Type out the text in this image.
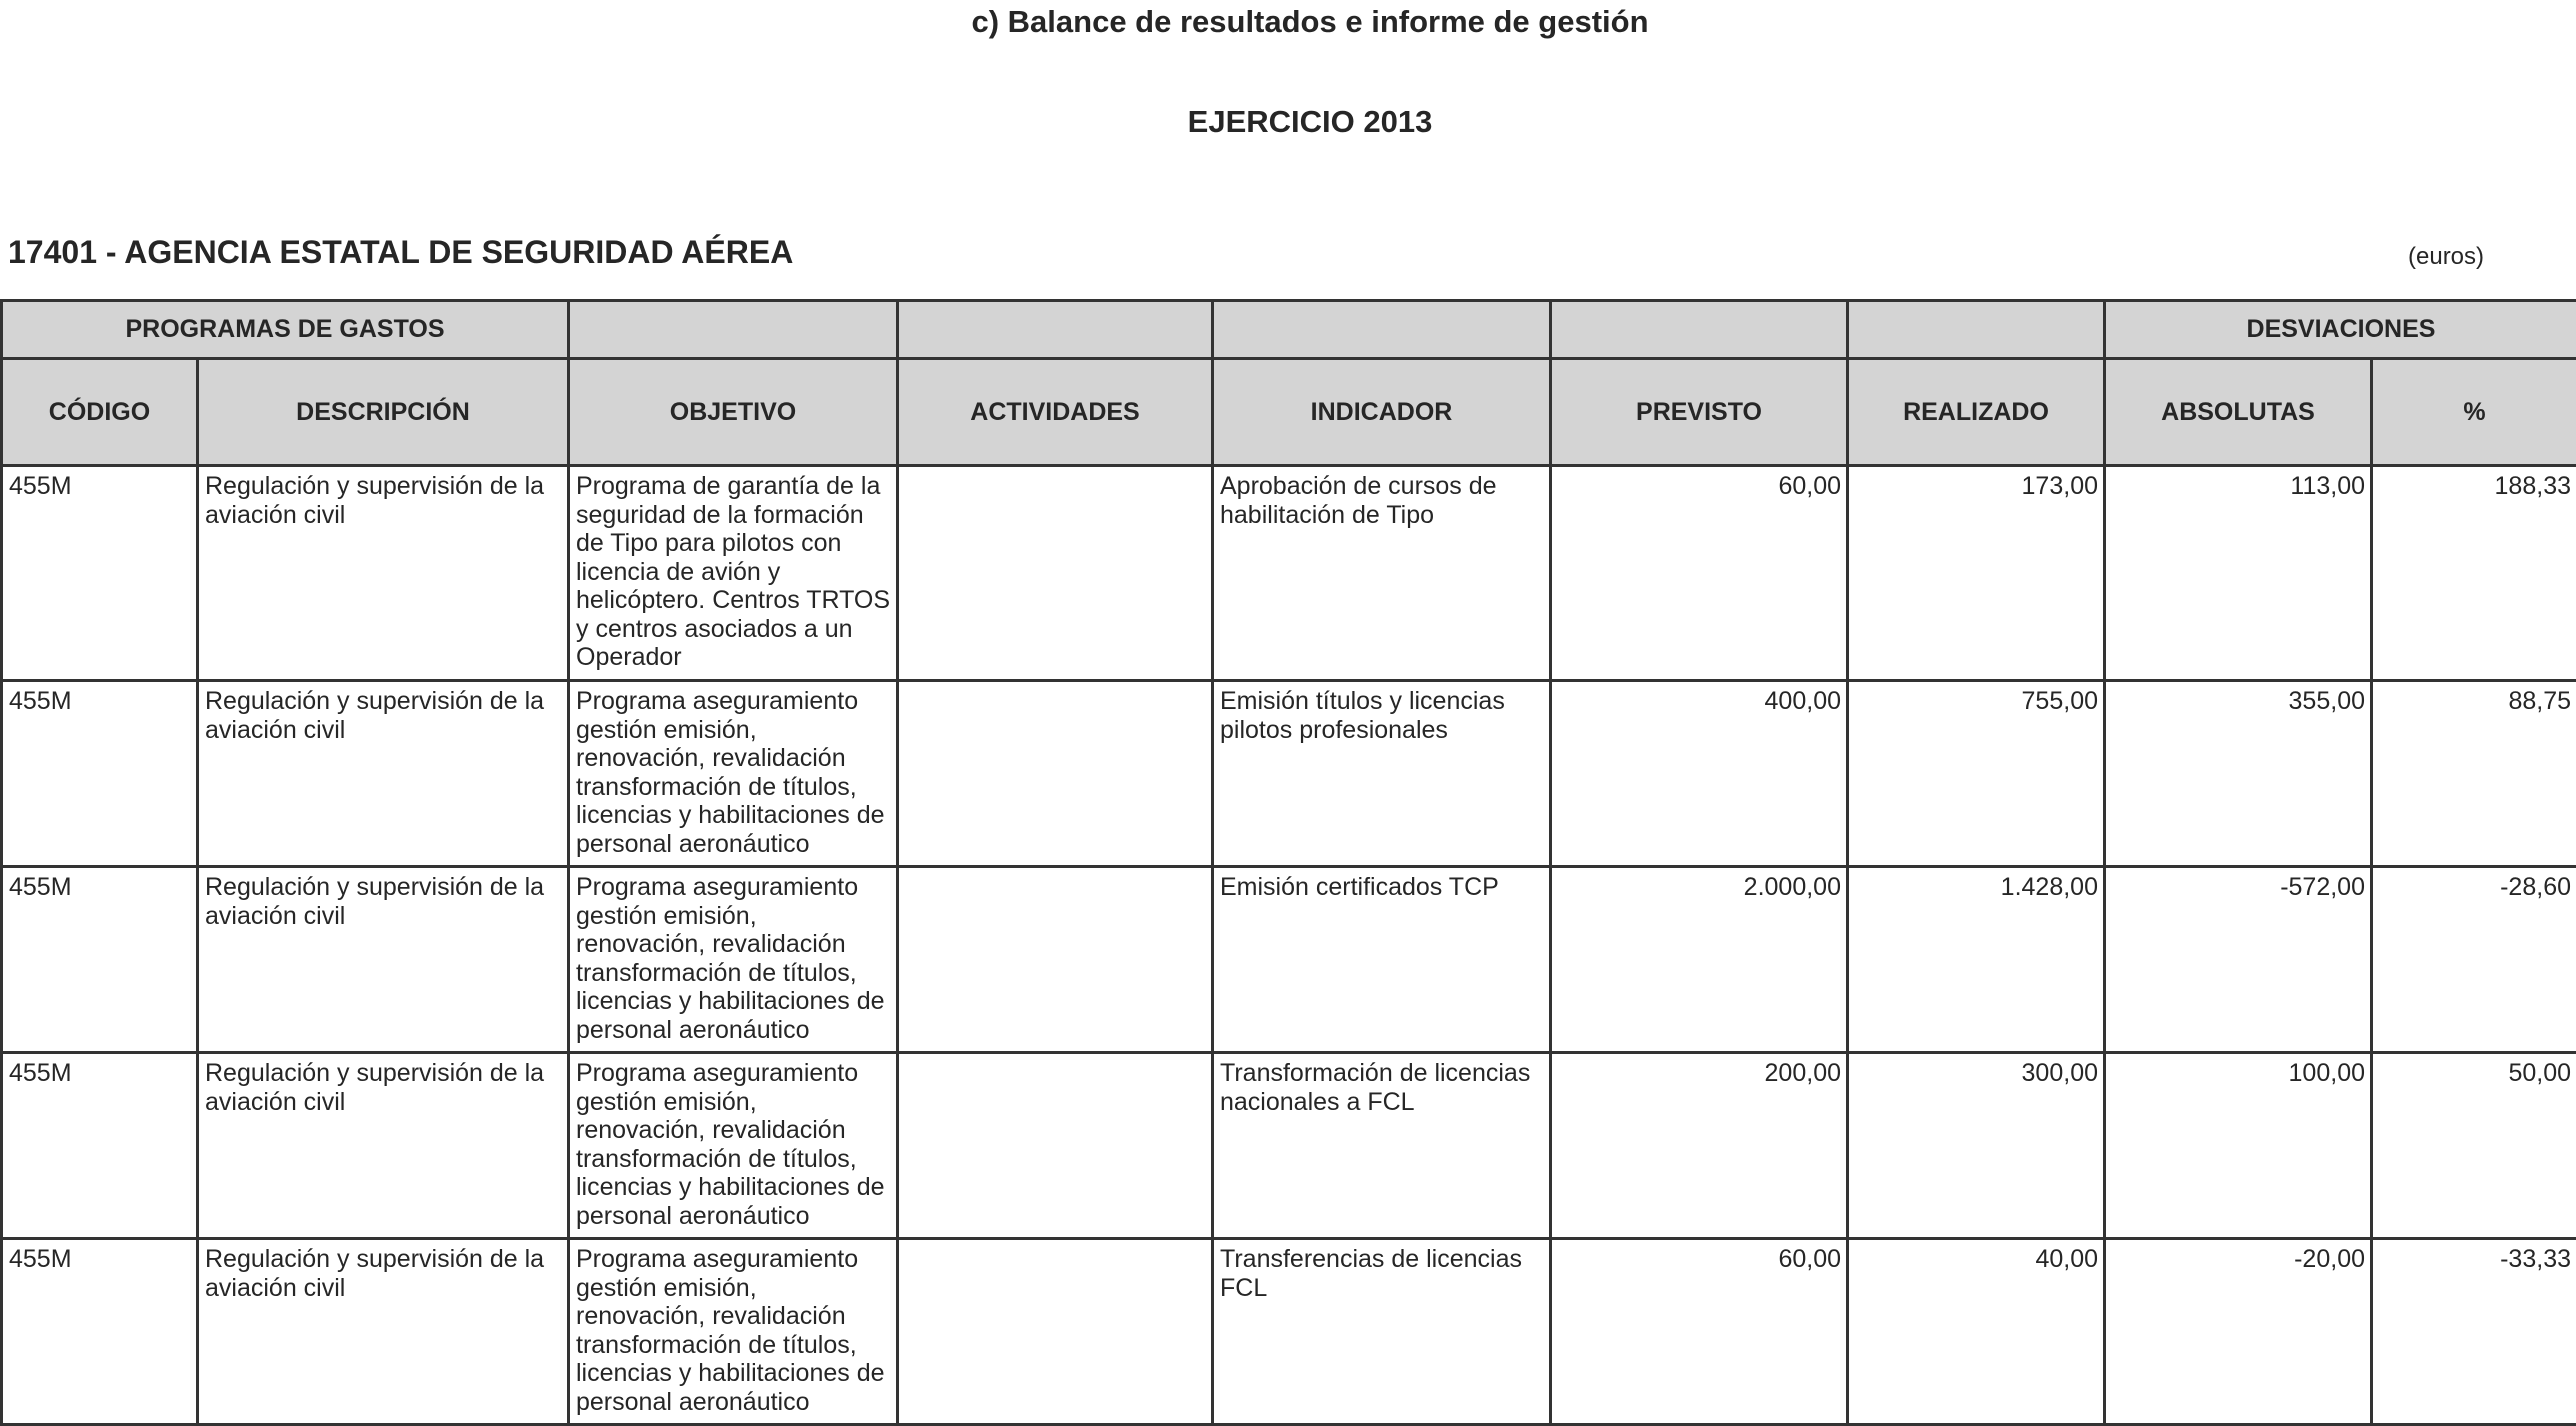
c) Balance de resultados e informe de gestión
EJERCICIO 2013
17401 - AGENCIA ESTATAL DE SEGURIDAD AÉREA	(euros)
PROGRAMAS DE GASTOS							DESVIACIONES	
CÓDIGO	DESCRIPCIÓN	OBJETIVO	ACTIVIDADES	INDICADOR	PREVISTO	REALIZADO	ABSOLUTAS	%
455M	Regulación y supervisión de la aviación civil	Programa de garantía de la seguridad de la formación de Tipo para pilotos con licencia de avión y helicóptero. Centros TRTOS y centros asociados a un Operador		Aprobación de cursos de habilitación de Tipo	60,00	173,00	113,00	188,33
455M	Regulación y supervisión de la aviación civil	Programa aseguramiento gestión emisión, renovación, revalidación transformación de títulos, licencias y habilitaciones de personal aeronáutico		Emisión títulos y licencias pilotos profesionales	400,00	755,00	355,00	88,75
455M	Regulación y supervisión de la aviación civil	Programa aseguramiento gestión emisión, renovación, revalidación transformación de títulos, licencias y habilitaciones de personal aeronáutico		Emisión certificados TCP	2.000,00	1.428,00	-572,00	-28,60
455M	Regulación y supervisión de la aviación civil	Programa aseguramiento gestión emisión, renovación, revalidación transformación de títulos, licencias y habilitaciones de personal aeronáutico		Transformación de licencias nacionales a FCL	200,00	300,00	100,00	50,00
455M	Regulación y supervisión de la aviación civil	Programa aseguramiento gestión emisión, renovación, revalidación transformación de títulos, licencias y habilitaciones de personal aeronáutico		Transferencias de licencias FCL	60,00	40,00	-20,00	-33,33
